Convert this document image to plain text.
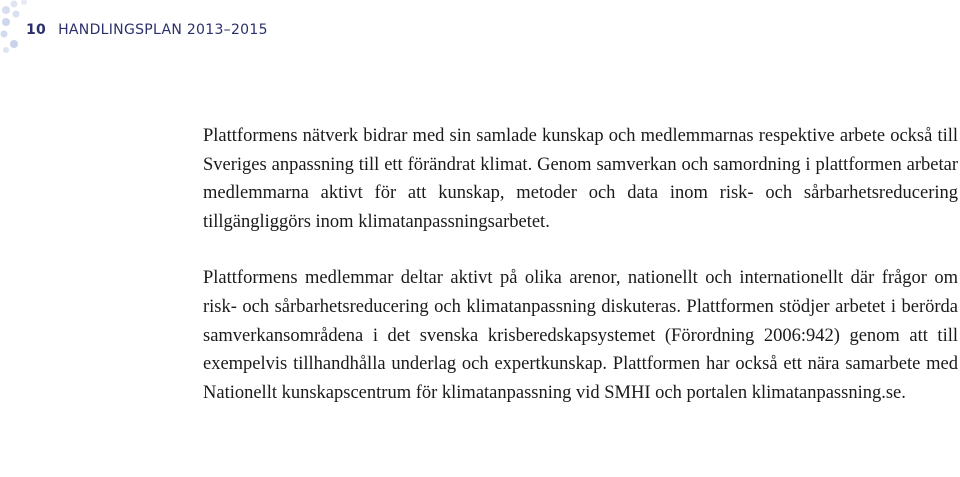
10 HANDLINGSPLAN 2013–2015

Plattformens nätverk bidrar med sin samlade kunskap och medlemmarnas respektive arbete också till Sveriges anpassning till ett förändrat klimat. Genom samverkan och samordning i plattformen arbetar medlemmarna aktivt för att kunskap, metoder och data inom risk- och sårbarhetsreducering tillgängliggörs inom klimatanpassningsarbetet.

Plattformens medlemmar deltar aktivt på olika arenor, nationellt och internationellt där frågor om risk- och sårbarhetsreducering och klimatanpassning diskuteras. Plattformen stödjer arbetet i berörda samverkansområdena i det svenska krisberedskapsystemet (Förordning 2006:942) genom att till exempelvis tillhandhålla underlag och expertkunskap. Plattformen har också ett nära samarbete med Nationellt kunskapscentrum för klimatanpassning vid SMHI och portalen klimatanpassning.se.
